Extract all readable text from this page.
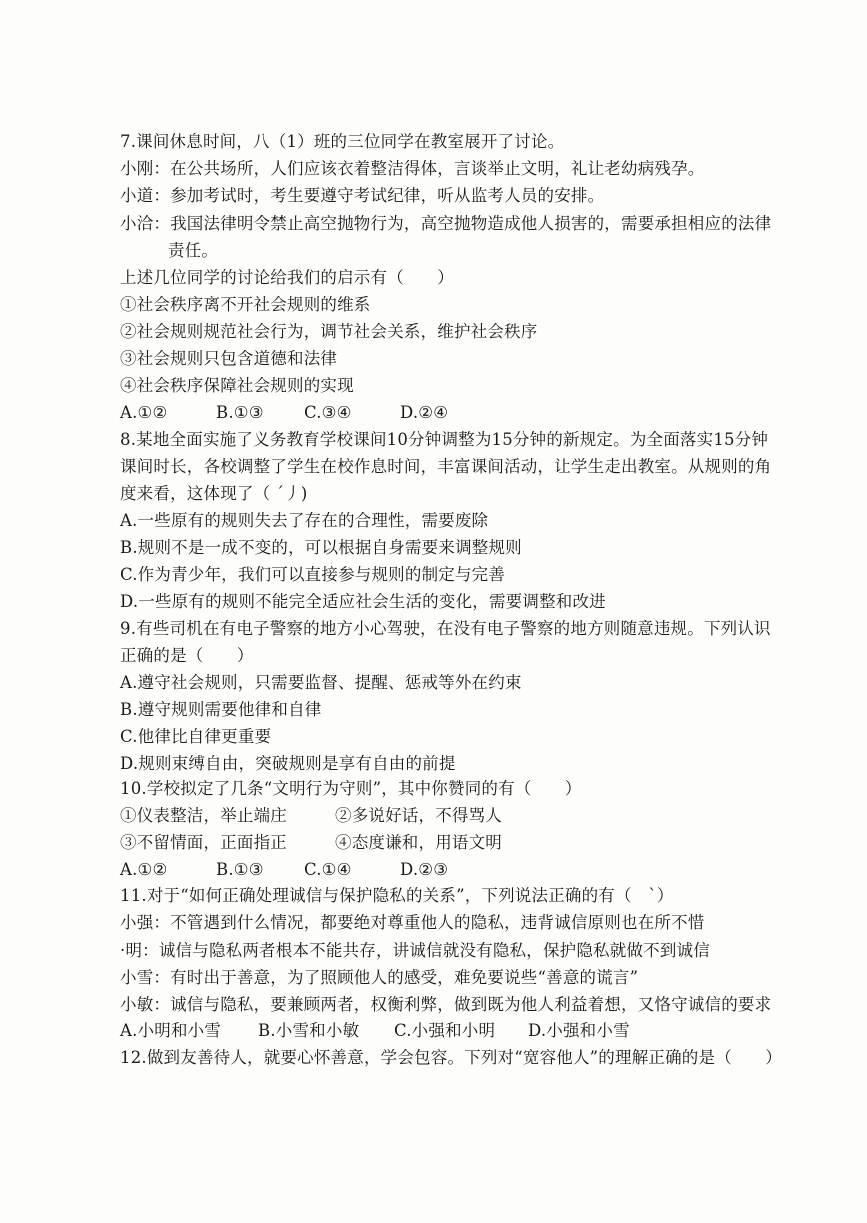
7.课间休息时间，八（1）班的三位同学在教室展开了讨论。
小刚：在公共场所，人们应该衣着整洁得体，言谈举止文明，礼让老幼病残孕。
小道：参加考试时，考生要遵守考试纪律，听从监考人员的安排。
小洽：我国法律明令禁止高空抛物行为，高空抛物造成他人损害的，需要承担相应的法律
责任。
上述几位同学的讨论给我们的启示有（　　）
①社会秩序离不开社会规则的维系
②社会规则规范社会行为，调节社会关系，维护社会秩序
③社会规则只包含道德和法律
④社会秩序保障社会规则的实现
A.①②	B.①③ C.③④	D.②④
8.某地全面实施了义务教育学校课间10分钟调整为15分钟的新规定。为全面落实15分钟
课间时长，各校调整了学生在校作息时间，丰富课间活动，让学生走出教室。从规则的角
度来看，这体现了（ ˊ丿)
A.一些原有的规则失去了存在的合理性，需要废除
B.规则不是一成不变的，可以根据自身需要来调整规则
C.作为青少年，我们可以直接参与规则的制定与完善
D.一些原有的规则不能完全适应社会生活的变化，需要调整和改进
9.有些司机在有电子警察的地方小心驾驶，在没有电子警察的地方则随意违规。下列认识
正确的是（　　）
A.遵守社会规则，只需要监督、提醒、惩戒等外在约束
B.遵守规则需要他律和自律
C.他律比自律更重要
D.规则束缚自由，突破规则是享有自由的前提
10.学校拟定了几条“文明行为守则”，其中你赞同的有（　　）
①仪表整洁，举止端庄	②多说好话，不得骂人
③不留情面，正面指正	④态度谦和，用语文明
A.①②	B.①③ C.①④	D.②③
11.对于“如何正确处理诚信与保护隐私的关系”，下列说法正确的有（　ˋ）
小强：不管遇到什么情况，都要绝对尊重他人的隐私，违背诚信原则也在所不惜
·明：诚信与隐私两者根本不能共存，讲诚信就没有隐私，保护隐私就做不到诚信
小雪：有时出于善意，为了照顾他人的感受，难免要说些“善意的谎言”
小敏：诚信与隐私，要兼顾两者，权衡利弊，做到既为他人利益着想，又恪守诚信的要求
A.小明和小雪 B.小雪和小敏 C.小强和小明 D.小强和小雪
12.做到友善待人，就要心怀善意，学会包容。下列对“宽容他人”的理解正确的是（　　）
